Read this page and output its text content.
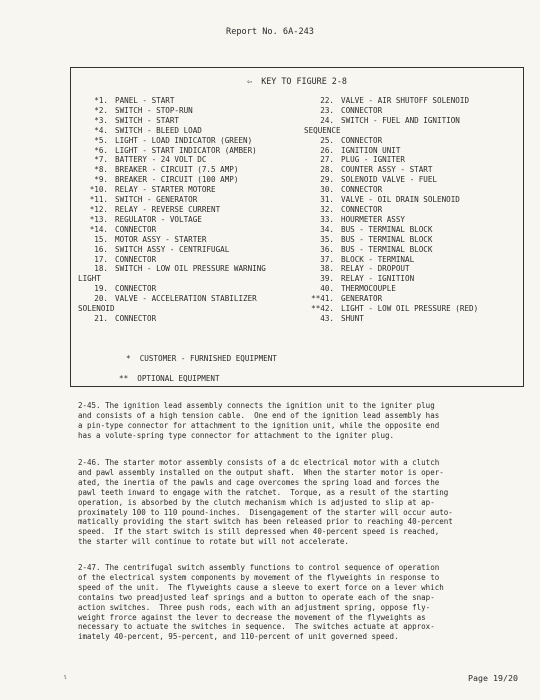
Report No. 6A-243
⇦ KEY TO FIGURE 2-8
*1. PANEL - START
*2. SWITCH - STOP-RUN
*3. SWITCH - START
*4. SWITCH - BLEED LOAD
*5. LIGHT - LOAD INDICATOR (GREEN)
*6. LIGHT - START INDICATOR (AMBER)
*7. BATTERY - 24 VOLT DC
*8. BREAKER - CIRCUIT (7.5 AMP)
*9. BREAKER - CIRCUIT (100 AMP)
*10. RELAY - STARTER MOTORE
*11. SWITCH - GENERATOR
*12. RELAY - REVERSE CURRENT
*13. REGULATOR - VOLTAGE
*14. CONNECTOR
15. MOTOR ASSY - STARTER
16. SWITCH ASSY - CENTRIFUGAL
17. CONNECTOR
18. SWITCH - LOW OIL PRESSURE WARNING
LIGHT
19. CONNECTOR
20. VALVE - ACCELERATION STABILIZER
SOLENOID
21. CONNECTOR
22. VALVE - AIR SHUTOFF SOLENOID
23. CONNECTOR
24. SWITCH - FUEL AND IGNITION
SEQUENCE
25. CONNECTOR
26. IGNITION UNIT
27. PLUG - IGNITER
28. COUNTER ASSY - START
29. SOLENOID VALVE - FUEL
30. CONNECTOR
31. VALVE - OIL DRAIN SOLENOID
32. CONNECTOR
33. HOURMETER ASSY
34. BUS - TERMINAL BLOCK
35. BUS - TERMINAL BLOCK
36. BUS - TERMINAL BLOCK
37. BLOCK - TERMINAL
38. RELAY - DROPOUT
39. RELAY - IGNITION
40. THERMOCOUPLE
**41. GENERATOR
**42. LIGHT - LOW OIL PRESSURE (RED)
43. SHUNT
*  CUSTOMER - FURNISHED EQUIPMENT
**  OPTIONAL EQUIPMENT
2-45. The ignition lead assembly connects the ignition unit to the igniter plug
and consists of a high tension cable.  One end of the ignition lead assembly has
a pin-type connector for attachment to the ignition unit, while the opposite end
has a volute-spring type connector for attachment to the igniter plug.
2-46. The starter motor assembly consists of a dc electrical motor with a clutch
and pawl assembly installed on the output shaft.  When the starter motor is oper-
ated, the inertia of the pawls and cage overcomes the spring load and forces the
pawl teeth inward to engage with the ratchet.  Torque, as a result of the starting
operation, is absorbed by the clutch mechanism which is adjusted to slip at ap-
proximately 100 to 110 pound-inches.  Disengagement of the starter will occur auto-
matically providing the start switch has been released prior to reaching 40-percent
speed.  If the start switch is still depressed when 40-percent speed is reached,
the starter will continue to rotate but will not accelerate.
2-47. The centrifugal switch assembly functions to control sequence of operation
of the electrical system components by movement of the flyweights in response to
speed of the unit.  The flyweights cause a sleeve to exert force on a lever which
contains two preadjusted leaf springs and a button to operate each of the snap-
action switches.  Three push rods, each with an adjustment spring, oppose fly-
weight frorce against the lever to decrease the movement of the flyweights as
necessary to actuate the switches in sequence.  The switches actuate at approx-
imately 40-percent, 95-percent, and 110-percent of unit governed speed.
ι	Page 19/20
